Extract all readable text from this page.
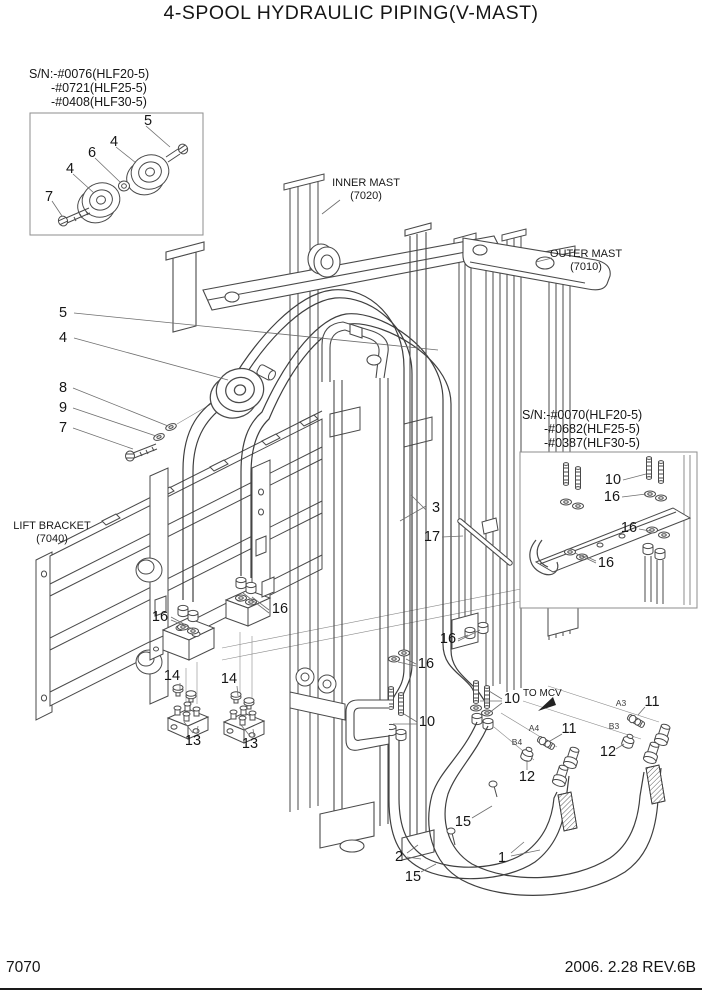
4-SPOOL HYDRAULIC PIPING(V-MAST)
S/N:-#0076(HLF20-5)
-#0721(HLF25-5)
-#0408(HLF30-5)
S/N:-#0070(HLF20-5)
-#0682(HLF25-5)
-#0387(HLF30-5)
INNER MAST
(7020)
OUTER MAST
(7010)
LIFT BRACKET
(7040)
TO MCV
A3
B3
A4
B4
5
4
6
4
7
5
4
8
9
7
3
17
16	16
14	14
13	13
16
16
10
10	11
11
12
12
15
15
2	1
10
16
16
16
7070	2006. 2.28 REV.6B
